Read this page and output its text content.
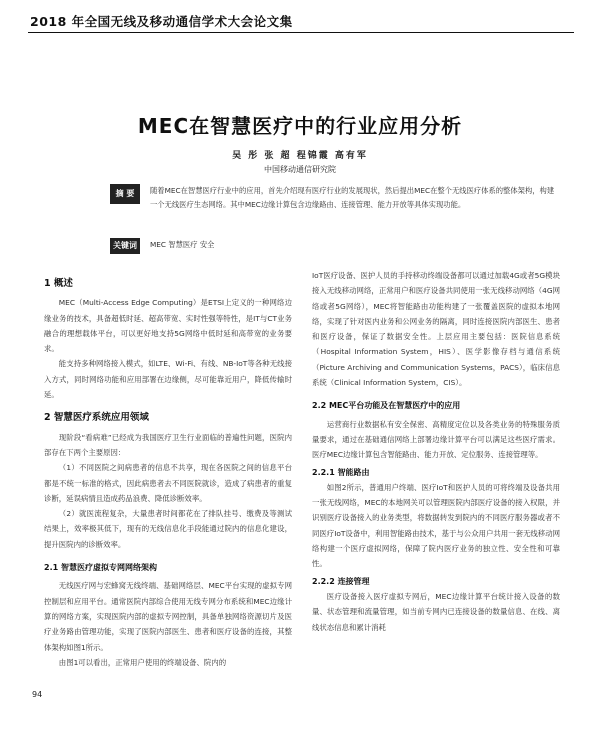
2018 年全国无线及移动通信学术大会论文集
MEC在智慧医疗中的行业应用分析
吴 彤 张 超 程锦霞 高有军
中国移动通信研究院
摘 要	随着MEC在智慧医疗行业中的应用，首先介绍现有医疗行业的发展现状，然后提出MEC在整个无线医疗体系的整体架构，构建一个无线医疗生态网络。其中MEC边缘计算包含边缘路由、连接管理、能力开放等具体实现功能。
关键词	MEC 智慧医疗 安全
1 概述

MEC（Multi-Access Edge Computing）是ETSI上定义的一种网络边缘业务的技术，具备超低时延、超高带宽、实时性强等特性，是IT与CT业务融合的理想载体平台，可以更好地支持5G网络中低时延和高带宽的业务要求。

能支持多种网络接入模式，如LTE、Wi-Fi、有线、NB-IoT等各种无线接入方式，同时网络功能和应用部署在边缘侧，尽可能靠近用户，降低传输时延。

2 智慧医疗系统应用领域

现阶段“看病难”已经成为我国医疗卫生行业面临的普遍性问题，医院内部存在下两个主要原因：

（1）不同医院之间病患者的信息不共享，现在各医院之间的信息平台都是不统一标准的格式，因此病患者去不同医院就诊，造成了病患者的重复诊断，延误病情且造成药品浪费、降低诊断效率。

（2）就医流程复杂，大量患者时间都花在了排队挂号、缴费及等测试结果上，效率极其低下，现有的无线信息化手段能通过院内的信息化建设，提升医院内的诊断效率。

2.1 智慧医疗虚拟专网网络架构

无线医疗网与宏蜂窝无线终端、基础网络层、MEC平台实现的虚拟专网控制层和应用平台。通常医院内部综合使用无线专网分布系统和MEC边缘计算的网络方案，实现医院内部的虚拟专网控制，具备单独网络资源切片及医疗业务路由管理功能，实现了医院内部医生、患者和医疗设备的连接，其整体架构如图1所示。

由图1可以看出，正常用户使用的终端设备、院内的

IoT医疗设备、医护人员的手持移动终端设备都可以通过加载4G或者5G模块接入无线移动网络，正常用户和医疗设备共同使用一张无线移动网络（4G网络或者5G网络），MEC将智能路由功能构建了一张覆盖医院的虚拟本地网络，实现了针对医内业务和公网业务的隔离，同时连接医院内部医生、患者和医疗设备，保证了数据安全性。上层应用主要包括：医院信息系统（Hospital Information System，HIS）、医学影像存档与通信系统（Picture Archiving and Communication Systems，PACS），临床信息系统（Clinical Information System，CIS）。

2.2 MEC平台功能及在智慧医疗中的应用

运营商行业数据私有安全保密、高精度定位以及各类业务的特殊服务质量要求，通过在基础通信网络上部署边缘计算平台可以满足这些医疗需求。医疗MEC边缘计算包含智能路由、能力开放、定位服务、连接管理等。

2.2.1 智能路由

如图2所示，普通用户终端、医疗IoT和医护人员的可将终端及设备共用一张无线网络，MEC的本地网关可以管理医院内部医疗设备的接入权限，并识别医疗设备接入的业务类型，将数据转发到院内的不同医疗服务器或者不同医疗IoT设备中，利用智能路由技术，基于与公众用户共用一套无线移动网络构建一个医疗虚拟网络，保障了院内医疗业务的独立性、安全性和可靠性。

2.2.2 连接管理

医疗设备接入医疗虚拟专网后，MEC边缘计算平台统计接入设备的数量、状态管理和流量管理，如当前专网内已连接设备的数量信息、在线、离线状态信息和累计消耗

94
